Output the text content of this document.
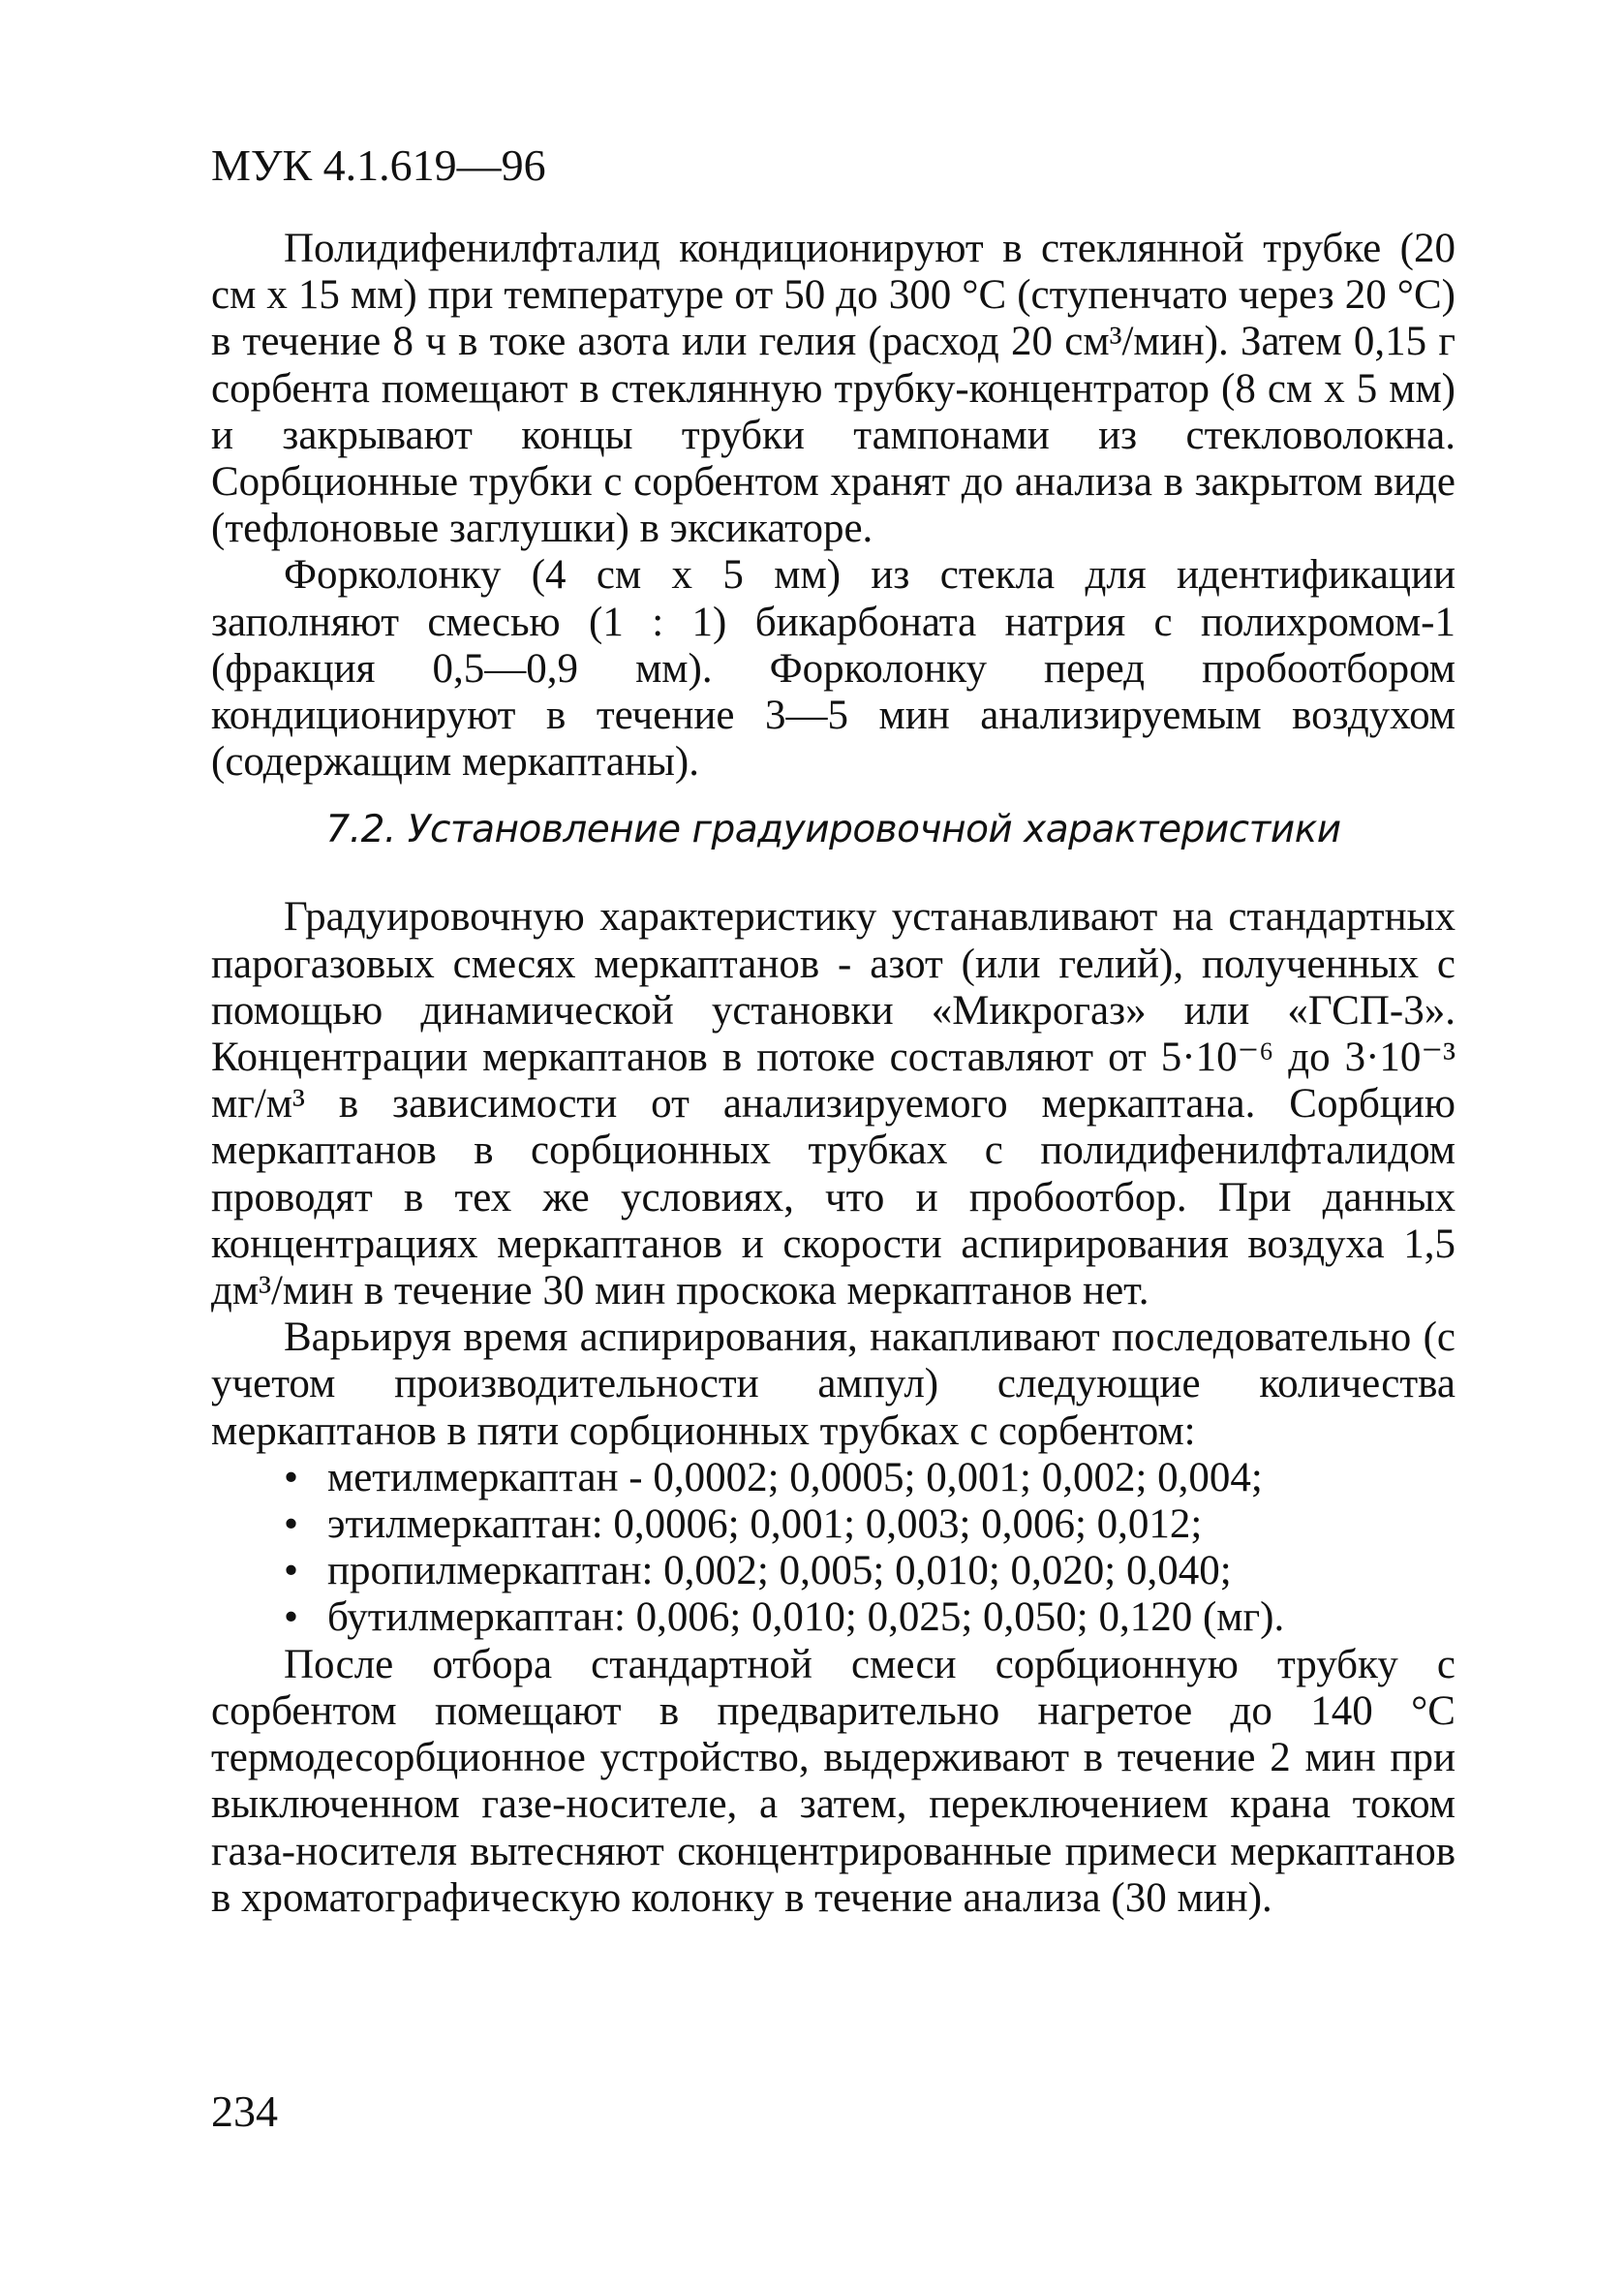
МУК 4.1.619—96

Полидифенилфталид кондиционируют в стеклянной трубке (20 см х 15 мм) при температуре от 50 до 300 °С (ступенчато через 20 °С) в течение 8 ч в токе азота или гелия (расход 20 см³/мин). Затем 0,15 г сорбента помещают в стеклянную трубку-концентратор (8 см х 5 мм) и закрывают концы трубки тампонами из стекловолокна. Сорбционные трубки с сорбентом хранят до анализа в закрытом виде (тефлоновые заглушки) в эксикаторе.

Форколонку (4 см х 5 мм) из стекла для идентификации заполняют смесью (1 : 1) бикарбоната натрия с полихромом-1 (фракция 0,5—0,9 мм). Форколонку перед пробоотбором кондиционируют в течение 3—5 мин анализируемым воздухом (содержащим меркаптаны).

7.2. Установление градуировочной характеристики

Градуировочную характеристику устанавливают на стандартных парогазовых смесях меркаптанов - азот (или гелий), полученных с помощью динамической установки «Микрогаз» или «ГСП-3». Концентрации меркаптанов в потоке составляют от 5·10⁻⁶ до 3·10⁻³ мг/м³ в зависимости от анализируемого меркаптана. Сорбцию меркаптанов в сорбционных трубках с полидифенилфталидом проводят в тех же условиях, что и пробоотбор. При данных концентрациях меркаптанов и скорости аспирирования воздуха 1,5 дм³/мин в течение 30 мин проскока меркаптанов нет.

Варьируя время аспирирования, накапливают последовательно (с учетом производительности ампул) следующие количества меркаптанов в пяти сорбционных трубках с сорбентом:

• метилмеркаптан - 0,0002; 0,0005; 0,001; 0,002; 0,004;
• этилмеркаптан: 0,0006; 0,001; 0,003; 0,006; 0,012;
• пропилмеркаптан: 0,002; 0,005; 0,010; 0,020; 0,040;
• бутилмеркаптан: 0,006; 0,010; 0,025; 0,050; 0,120 (мг).

После отбора стандартной смеси сорбционную трубку с сорбентом помещают в предварительно нагретое до 140 °С термодесорбционное устройство, выдерживают в течение 2 мин при выключенном газе-носителе, а затем, переключением крана током газа-носителя вытесняют сконцентрированные примеси меркаптанов в хроматографическую колонку в течение анализа (30 мин).

234
